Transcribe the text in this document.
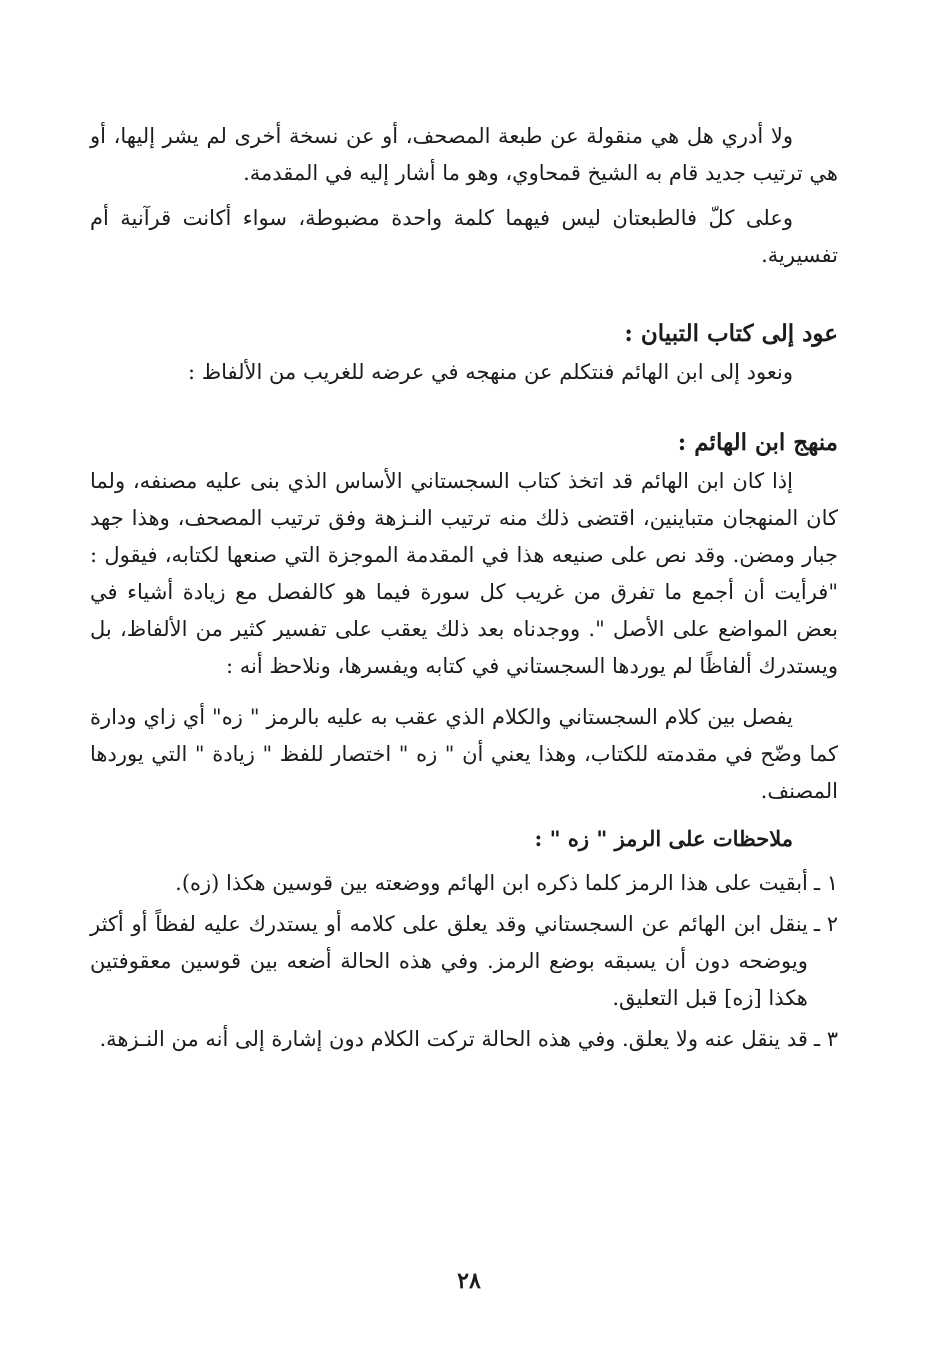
ولا أدري هل هي منقولة عن طبعة المصحف، أو عن نسخة أخرى لم يشر إليها، أو هي ترتيب جديد قام به الشيخ قمحاوي، وهو ما أشار إليه في المقدمة.

وعلى كلّ فالطبعتان ليس فيهما كلمة واحدة مضبوطة، سواء أكانت قرآنية أم تفسيرية.

عود إلى كتاب التبيان :

ونعود إلى ابن الهائم فنتكلم عن منهجه في عرضه للغريب من الألفاظ :

منهج ابن الهائم :

إذا كان ابن الهائم قد اتخذ كتاب السجستاني الأساس الذي بنى عليه مصنفه، ولما كان المنهجان متباينين، اقتضى ذلك منه ترتيب النـزهة وفق ترتيب المصحف، وهذا جهد جبار ومضن. وقد نص على صنيعه هذا في المقدمة الموجزة التي صنعها لكتابه، فيقول : "فرأيت أن أجمع ما تفرق من غريب كل سورة فيما هو كالفصل مع زيادة أشياء في بعض المواضع على الأصل ". ووجدناه بعد ذلك يعقب على تفسير كثير من الألفاظ، بل ويستدرك ألفاظًا لم يوردها السجستاني في كتابه ويفسرها، ونلاحظ أنه :

يفصل بين كلام السجستاني والكلام الذي عقب به عليه بالرمز " زه" أي زاي ودارة كما وضّح في مقدمته للكتاب، وهذا يعني أن " زه " اختصار للفظ " زيادة " التي يوردها المصنف.

ملاحظات على الرمز " زه " :

١ ـ
أبقيت على هذا الرمز كلما ذكره ابن الهائم ووضعته بين قوسين هكذا (زه).
٢ ـ
ينقل ابن الهائم عن السجستاني وقد يعلق على كلامه أو يستدرك عليه لفظاً أو أكثر ويوضحه دون أن يسبقه بوضع الرمز. وفي هذه الحالة أضعه بين قوسين معقوفتين هكذا [زه] قبل التعليق.
٣ ـ
قد ينقل عنه ولا يعلق. وفي هذه الحالة تركت الكلام دون إشارة إلى أنه من النـزهة.
٢٨
